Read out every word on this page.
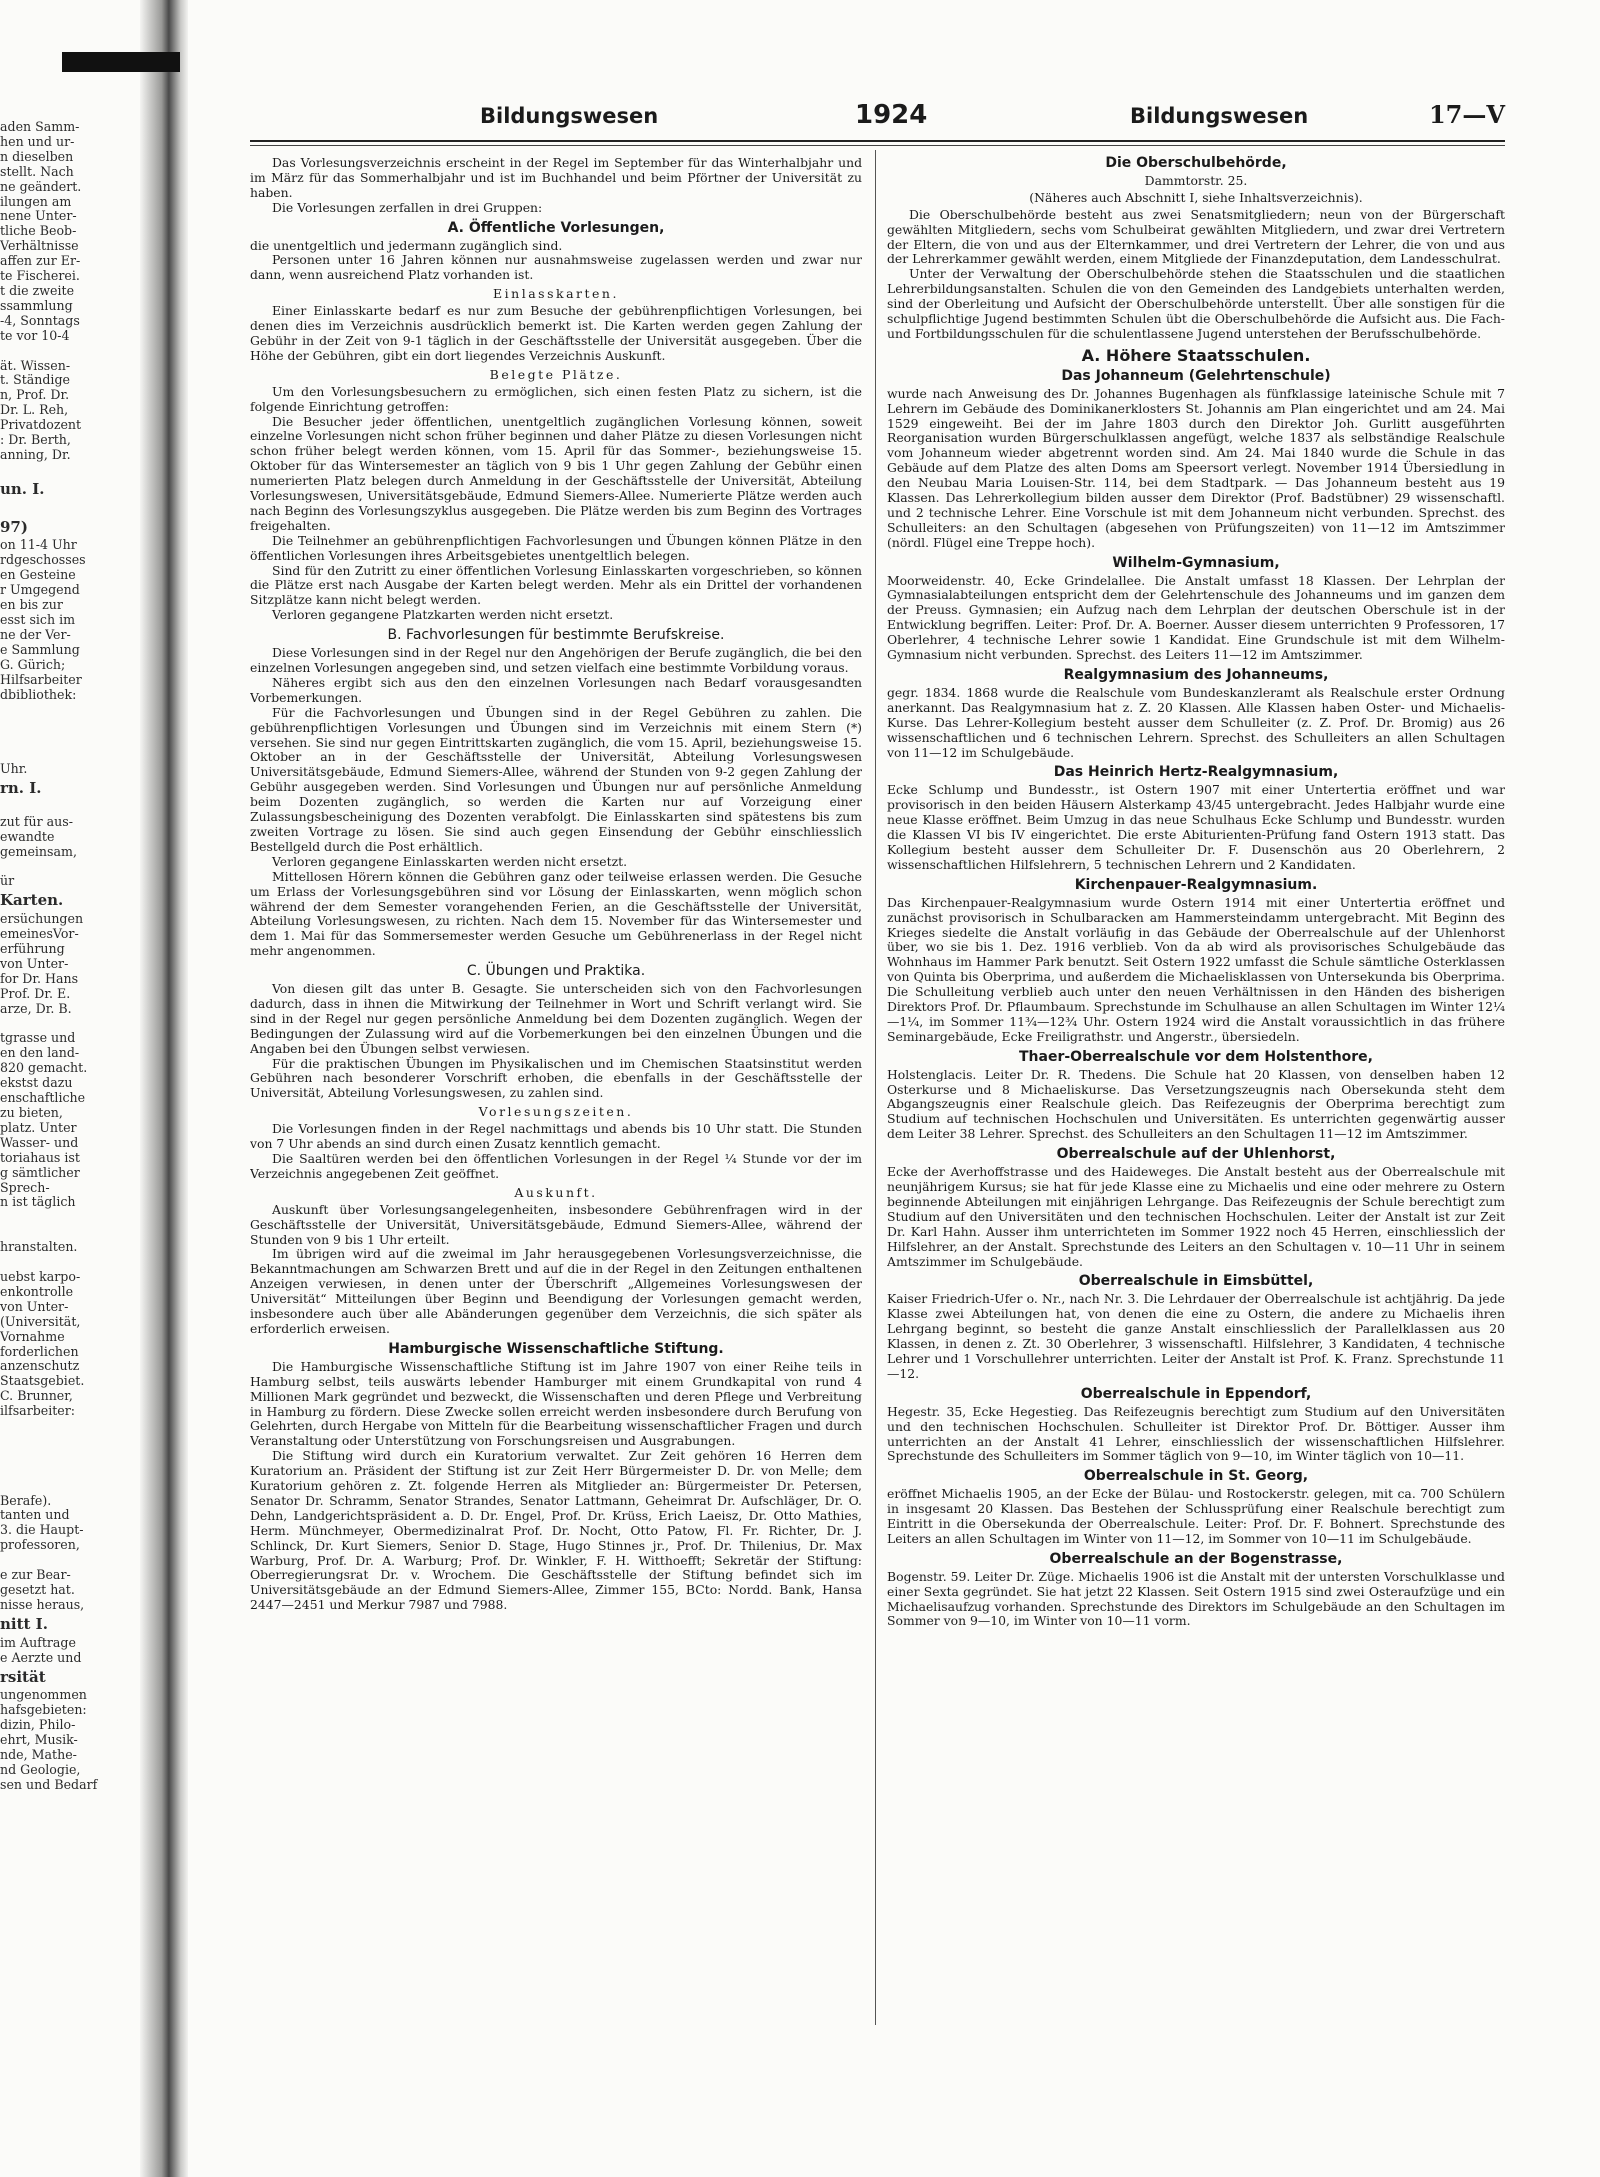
aden Samm-

hen und ur-

n dieselben

stellt. Nach

ne geändert.

ilungen am

nene Unter-

tliche Beob-

Verhältnisse

affen zur Er-

te Fischerei.

t die zweite

ssammlung

-4, Sonntags

te vor 10-4

ät. Wissen-

t. Ständige

n, Prof. Dr.

Dr. L. Reh,

Privatdozent

: Dr. Berth,

anning, Dr.

un. I.

97)

on 11-4 Uhr

rdgeschosses

en Gesteine

r Umgegend

en bis zur

esst sich im

ne der Ver-

e Sammlung

G. Gürich;

Hilfsarbeiter

dbibliothek:

Uhr.

rn. I.

zut für aus-

ewandte

gemeinsam,

ür

Karten.

ersüchungen

emeinesVor-

erführung

von Unter-

for Dr. Hans

Prof. Dr. E.

arze, Dr. B.

tgrasse und

en den land-

820 gemacht.

ekstst dazu

enschaftliche

zu bieten,

platz. Unter

Wasser- und

toriahaus ist

g sämtlicher

Sprech-

n ist täglich

hranstalten.

uebst karpo-

enkontrolle

von Unter-

(Universität,

Vornahme

forderlichen

anzenschutz

Staatsgebiet.

C. Brunner,

ilfsarbeiter:

Berafe).

tanten und

3. die Haupt-

professoren,

e zur Bear-

gesetzt hat.

nisse heraus,

nitt I.

im Auftrage

e Aerzte und

rsität

ungenommen

hafsgebieten:

dizin, Philo-

ehrt, Musik-

nde, Mathe-

nd Geologie,

sen und Bedarf

Bildungswesen	1924	Bildungswesen	17—V

Das Vorlesungsverzeichnis erscheint in der Regel im September für das Winterhalbjahr und im März für das Sommerhalbjahr und ist im Buchhandel und beim Pförtner der Universität zu haben.

Die Vorlesungen zerfallen in drei Gruppen:

A. Öffentliche Vorlesungen,

die unentgeltlich und jedermann zugänglich sind.

Personen unter 16 Jahren können nur ausnahmsweise zugelassen werden und zwar nur dann, wenn ausreichend Platz vorhanden ist.

Einlasskarten.

Einer Einlasskarte bedarf es nur zum Besuche der gebührenpflichtigen Vorlesungen, bei denen dies im Verzeichnis ausdrücklich bemerkt ist. Die Karten werden gegen Zahlung der Gebühr in der Zeit von 9-1 täglich in der Geschäftsstelle der Universität ausgegeben. Über die Höhe der Gebühren, gibt ein dort liegendes Verzeichnis Auskunft.

Belegte Plätze.

Um den Vorlesungsbesuchern zu ermöglichen, sich einen festen Platz zu sichern, ist die folgende Einrichtung getroffen:

Die Besucher jeder öffentlichen, unentgeltlich zugänglichen Vorlesung können, soweit einzelne Vorlesungen nicht schon früher beginnen und daher Plätze zu diesen Vorlesungen nicht schon früher belegt werden können, vom 15. April für das Sommer-, beziehungsweise 15. Oktober für das Wintersemester an täglich von 9 bis 1 Uhr gegen Zahlung der Gebühr einen numerierten Platz belegen durch Anmeldung in der Geschäftsstelle der Universität, Abteilung Vorlesungswesen, Universitätsgebäude, Edmund Siemers-Allee. Numerierte Plätze werden auch nach Beginn des Vorlesungszyklus ausgegeben. Die Plätze werden bis zum Beginn des Vortrages freigehalten.

Die Teilnehmer an gebührenpflichtigen Fachvorlesungen und Übungen können Plätze in den öffentlichen Vorlesungen ihres Arbeitsgebietes unentgeltlich belegen.

Sind für den Zutritt zu einer öffentlichen Vorlesung Einlasskarten vorgeschrieben, so können die Plätze erst nach Ausgabe der Karten belegt werden. Mehr als ein Drittel der vorhandenen Sitzplätze kann nicht belegt werden.

Verloren gegangene Platzkarten werden nicht ersetzt.

B. Fachvorlesungen für bestimmte Berufskreise.

Diese Vorlesungen sind in der Regel nur den Angehörigen der Berufe zugänglich, die bei den einzelnen Vorlesungen angegeben sind, und setzen vielfach eine bestimmte Vorbildung voraus.

Näheres ergibt sich aus den den einzelnen Vorlesungen nach Bedarf vorausgesandten Vorbemerkungen.

Für die Fachvorlesungen und Übungen sind in der Regel Gebühren zu zahlen. Die gebührenpflichtigen Vorlesungen und Übungen sind im Verzeichnis mit einem Stern (*) versehen. Sie sind nur gegen Eintrittskarten zugänglich, die vom 15. April, beziehungsweise 15. Oktober an in der Geschäftsstelle der Universität, Abteilung Vorlesungswesen Universitätsgebäude, Edmund Siemers-Allee, während der Stunden von 9-2 gegen Zahlung der Gebühr ausgegeben werden. Sind Vorlesungen und Übungen nur auf persönliche Anmeldung beim Dozenten zugänglich, so werden die Karten nur auf Vorzeigung einer Zulassungsbescheinigung des Dozenten verabfolgt. Die Einlasskarten sind spätestens bis zum zweiten Vortrage zu lösen. Sie sind auch gegen Einsendung der Gebühr einschliesslich Bestellgeld durch die Post erhältlich.

Verloren gegangene Einlasskarten werden nicht ersetzt.

Mittellosen Hörern können die Gebühren ganz oder teilweise erlassen werden. Die Gesuche um Erlass der Vorlesungsgebühren sind vor Lösung der Einlasskarten, wenn möglich schon während der dem Semester vorangehenden Ferien, an die Geschäftsstelle der Universität, Abteilung Vorlesungswesen, zu richten. Nach dem 15. November für das Wintersemester und dem 1. Mai für das Sommersemester werden Gesuche um Gebührenerlass in der Regel nicht mehr angenommen.

C. Übungen und Praktika.

Von diesen gilt das unter B. Gesagte. Sie unterscheiden sich von den Fachvorlesungen dadurch, dass in ihnen die Mitwirkung der Teilnehmer in Wort und Schrift verlangt wird. Sie sind in der Regel nur gegen persönliche Anmeldung bei dem Dozenten zugänglich. Wegen der Bedingungen der Zulassung wird auf die Vorbemerkungen bei den einzelnen Übungen und die Angaben bei den Übungen selbst verwiesen.

Für die praktischen Übungen im Physikalischen und im Chemischen Staatsinstitut werden Gebühren nach besonderer Vorschrift erhoben, die ebenfalls in der Geschäftsstelle der Universität, Abteilung Vorlesungswesen, zu zahlen sind.

Vorlesungszeiten.

Die Vorlesungen finden in der Regel nachmittags und abends bis 10 Uhr statt. Die Stunden von 7 Uhr abends an sind durch einen Zusatz kenntlich gemacht.

Die Saaltüren werden bei den öffentlichen Vorlesungen in der Regel ¼ Stunde vor der im Verzeichnis angegebenen Zeit geöffnet.

Auskunft.

Auskunft über Vorlesungsangelegenheiten, insbesondere Gebührenfragen wird in der Geschäftsstelle der Universität, Universitätsgebäude, Edmund Siemers-Allee, während der Stunden von 9 bis 1 Uhr erteilt.

Im übrigen wird auf die zweimal im Jahr herausgegebenen Vorlesungsverzeichnisse, die Bekanntmachungen am Schwarzen Brett und auf die in der Regel in den Zeitungen enthaltenen Anzeigen verwiesen, in denen unter der Überschrift „Allgemeines Vorlesungswesen der Universität“ Mitteilungen über Beginn und Beendigung der Vorlesungen gemacht werden, insbesondere auch über alle Abänderungen gegenüber dem Verzeichnis, die sich später als erforderlich erweisen.

Hamburgische Wissenschaftliche Stiftung.

Die Hamburgische Wissenschaftliche Stiftung ist im Jahre 1907 von einer Reihe teils in Hamburg selbst, teils auswärts lebender Hamburger mit einem Grundkapital von rund 4 Millionen Mark gegründet und bezweckt, die Wissenschaften und deren Pflege und Verbreitung in Hamburg zu fördern. Diese Zwecke sollen erreicht werden insbesondere durch Berufung von Gelehrten, durch Hergabe von Mitteln für die Bearbeitung wissenschaftlicher Fragen und durch Veranstaltung oder Unterstützung von Forschungsreisen und Ausgrabungen.

Die Stiftung wird durch ein Kuratorium verwaltet. Zur Zeit gehören 16 Herren dem Kuratorium an. Präsident der Stiftung ist zur Zeit Herr Bürgermeister D. Dr. von Melle; dem Kuratorium gehören z. Zt. folgende Herren als Mitglieder an: Bürgermeister Dr. Petersen, Senator Dr. Schramm, Senator Strandes, Senator Lattmann, Geheimrat Dr. Aufschläger, Dr. O. Dehn, Landgerichtspräsident a. D. Dr. Engel, Prof. Dr. Krüss, Erich Laeisz, Dr. Otto Mathies, Herm. Münchmeyer, Obermedizinalrat Prof. Dr. Nocht, Otto Patow, Fl. Fr. Richter, Dr. J. Schlinck, Dr. Kurt Siemers, Senior D. Stage, Hugo Stinnes jr., Prof. Dr. Thilenius, Dr. Max Warburg, Prof. Dr. A. Warburg; Prof. Dr. Winkler, F. H. Witthoefft; Sekretär der Stiftung: Oberregierungsrat Dr. v. Wrochem. Die Geschäftsstelle der Stiftung befindet sich im Universitätsgebäude an der Edmund Siemers-Allee, Zimmer 155, BCto: Nordd. Bank, Hansa 2447—2451 und Merkur 7987 und 7988.

Die Oberschulbehörde,
Dammtorstr. 25.
(Näheres auch Abschnitt I, siehe Inhaltsverzeichnis).

Die Oberschulbehörde besteht aus zwei Senatsmitgliedern; neun von der Bürgerschaft gewählten Mitgliedern, sechs vom Schulbeirat gewählten Mitgliedern, und zwar drei Vertretern der Eltern, die von und aus der Elternkammer, und drei Vertretern der Lehrer, die von und aus der Lehrerkammer gewählt werden, einem Mitgliede der Finanzdeputation, dem Landesschulrat.

Unter der Verwaltung der Oberschulbehörde stehen die Staatsschulen und die staatlichen Lehrerbildungsanstalten. Schulen die von den Gemeinden des Landgebiets unterhalten werden, sind der Oberleitung und Aufsicht der Oberschulbehörde unterstellt. Über alle sonstigen für die schulpflichtige Jugend bestimmten Schulen übt die Oberschulbehörde die Aufsicht aus. Die Fach- und Fortbildungsschulen für die schulentlassene Jugend unterstehen der Berufsschulbehörde.

A. Höhere Staatsschulen.
Das Johanneum (Gelehrtenschule)

wurde nach Anweisung des Dr. Johannes Bugenhagen als fünfklassige lateinische Schule mit 7 Lehrern im Gebäude des Dominikanerklosters St. Johannis am Plan eingerichtet und am 24. Mai 1529 eingeweiht. Bei der im Jahre 1803 durch den Direktor Joh. Gurlitt ausgeführten Reorganisation wurden Bürgerschulklassen angefügt, welche 1837 als selbständige Realschule vom Johanneum wieder abgetrennt worden sind. Am 24. Mai 1840 wurde die Schule in das Gebäude auf dem Platze des alten Doms am Speersort verlegt. November 1914 Übersiedlung in den Neubau Maria Louisen-Str. 114, bei dem Stadtpark. — Das Johanneum besteht aus 19 Klassen. Das Lehrerkollegium bilden ausser dem Direktor (Prof. Badstübner) 29 wissenschaftl. und 2 technische Lehrer. Eine Vorschule ist mit dem Johanneum nicht verbunden. Sprechst. des Schulleiters: an den Schultagen (abgesehen von Prüfungszeiten) von 11—12 im Amtszimmer (nördl. Flügel eine Treppe hoch).

Wilhelm-Gymnasium,

Moorweidenstr. 40, Ecke Grindelallee. Die Anstalt umfasst 18 Klassen. Der Lehrplan der Gymnasialabteilungen entspricht dem der Gelehrtenschule des Johanneums und im ganzen dem der Preuss. Gymnasien; ein Aufzug nach dem Lehrplan der deutschen Oberschule ist in der Entwicklung begriffen. Leiter: Prof. Dr. A. Boerner. Ausser diesem unterrichten 9 Professoren, 17 Oberlehrer, 4 technische Lehrer sowie 1 Kandidat. Eine Grundschule ist mit dem Wilhelm-Gymnasium nicht verbunden. Sprechst. des Leiters 11—12 im Amtszimmer.

Realgymnasium des Johanneums,

gegr. 1834. 1868 wurde die Realschule vom Bundeskanzleramt als Realschule erster Ordnung anerkannt. Das Realgymnasium hat z. Z. 20 Klassen. Alle Klassen haben Oster- und Michaelis-Kurse. Das Lehrer-Kollegium besteht ausser dem Schulleiter (z. Z. Prof. Dr. Bromig) aus 26 wissenschaftlichen und 6 technischen Lehrern. Sprechst. des Schulleiters an allen Schultagen von 11—12 im Schulgebäude.

Das Heinrich Hertz-Realgymnasium,

Ecke Schlump und Bundesstr., ist Ostern 1907 mit einer Untertertia eröffnet und war provisorisch in den beiden Häusern Alsterkamp 43/45 untergebracht. Jedes Halbjahr wurde eine neue Klasse eröffnet. Beim Umzug in das neue Schulhaus Ecke Schlump und Bundesstr. wurden die Klassen VI bis IV eingerichtet. Die erste Abiturienten-Prüfung fand Ostern 1913 statt. Das Kollegium besteht ausser dem Schulleiter Dr. F. Dusenschön aus 20 Oberlehrern, 2 wissenschaftlichen Hilfslehrern, 5 technischen Lehrern und 2 Kandidaten.

Kirchenpauer-Realgymnasium.

Das Kirchenpauer-Realgymnasium wurde Ostern 1914 mit einer Untertertia eröffnet und zunächst provisorisch in Schulbaracken am Hammersteindamm untergebracht. Mit Beginn des Krieges siedelte die Anstalt vorläufig in das Gebäude der Oberrealschule auf der Uhlenhorst über, wo sie bis 1. Dez. 1916 verblieb. Von da ab wird als provisorisches Schulgebäude das Wohnhaus im Hammer Park benutzt. Seit Ostern 1922 umfasst die Schule sämtliche Osterklassen von Quinta bis Oberprima, und außerdem die Michaelisklassen von Untersekunda bis Oberprima. Die Schulleitung verblieb auch unter den neuen Verhältnissen in den Händen des bisherigen Direktors Prof. Dr. Pflaumbaum. Sprechstunde im Schulhause an allen Schultagen im Winter 12¼—1¼, im Sommer 11¾—12¾ Uhr. Ostern 1924 wird die Anstalt voraussichtlich in das frühere Seminargebäude, Ecke Freiligrathstr. und Angerstr., übersiedeln.

Thaer-Oberrealschule vor dem Holstenthore,

Holstenglacis. Leiter Dr. R. Thedens. Die Schule hat 20 Klassen, von denselben haben 12 Osterkurse und 8 Michaeliskurse. Das Versetzungszeugnis nach Obersekunda steht dem Abgangszeugnis einer Realschule gleich. Das Reifezeugnis der Oberprima berechtigt zum Studium auf technischen Hochschulen und Universitäten. Es unterrichten gegenwärtig ausser dem Leiter 38 Lehrer. Sprechst. des Schulleiters an den Schultagen 11—12 im Amtszimmer.

Oberrealschule auf der Uhlenhorst,

Ecke der Averhoffstrasse und des Haideweges. Die Anstalt besteht aus der Oberrealschule mit neunjährigem Kursus; sie hat für jede Klasse eine zu Michaelis und eine oder mehrere zu Ostern beginnende Abteilungen mit einjährigen Lehrgange. Das Reifezeugnis der Schule berechtigt zum Studium auf den Universitäten und den technischen Hochschulen. Leiter der Anstalt ist zur Zeit Dr. Karl Hahn. Ausser ihm unterrichteten im Sommer 1922 noch 45 Herren, einschliesslich der Hilfslehrer, an der Anstalt. Sprechstunde des Leiters an den Schultagen v. 10—11 Uhr in seinem Amtszimmer im Schulgebäude.

Oberrealschule in Eimsbüttel,

Kaiser Friedrich-Ufer o. Nr., nach Nr. 3. Die Lehrdauer der Oberrealschule ist achtjährig. Da jede Klasse zwei Abteilungen hat, von denen die eine zu Ostern, die andere zu Michaelis ihren Lehrgang beginnt, so besteht die ganze Anstalt einschliesslich der Parallelklassen aus 20 Klassen, in denen z. Zt. 30 Oberlehrer, 3 wissenschaftl. Hilfslehrer, 3 Kandidaten, 4 technische Lehrer und 1 Vorschullehrer unterrichten. Leiter der Anstalt ist Prof. K. Franz. Sprechstunde 11—12.

Oberrealschule in Eppendorf,

Hegestr. 35, Ecke Hegestieg. Das Reifezeugnis berechtigt zum Studium auf den Universitäten und den technischen Hochschulen. Schulleiter ist Direktor Prof. Dr. Böttiger. Ausser ihm unterrichten an der Anstalt 41 Lehrer, einschliesslich der wissenschaftlichen Hilfslehrer. Sprechstunde des Schulleiters im Sommer täglich von 9—10, im Winter täglich von 10—11.

Oberrealschule in St. Georg,

eröffnet Michaelis 1905, an der Ecke der Bülau- und Rostockerstr. gelegen, mit ca. 700 Schülern in insgesamt 20 Klassen. Das Bestehen der Schlussprüfung einer Realschule berechtigt zum Eintritt in die Obersekunda der Oberrealschule. Leiter: Prof. Dr. F. Bohnert. Sprechstunde des Leiters an allen Schultagen im Winter von 11—12, im Sommer von 10—11 im Schulgebäude.

Oberrealschule an der Bogenstrasse,

Bogenstr. 59. Leiter Dr. Züge. Michaelis 1906 ist die Anstalt mit der untersten Vorschulklasse und einer Sexta gegründet. Sie hat jetzt 22 Klassen. Seit Ostern 1915 sind zwei Osteraufzüge und ein Michaelisaufzug vorhanden. Sprechstunde des Direktors im Schulgebäude an den Schultagen im Sommer von 9—10, im Winter von 10—11 vorm.
